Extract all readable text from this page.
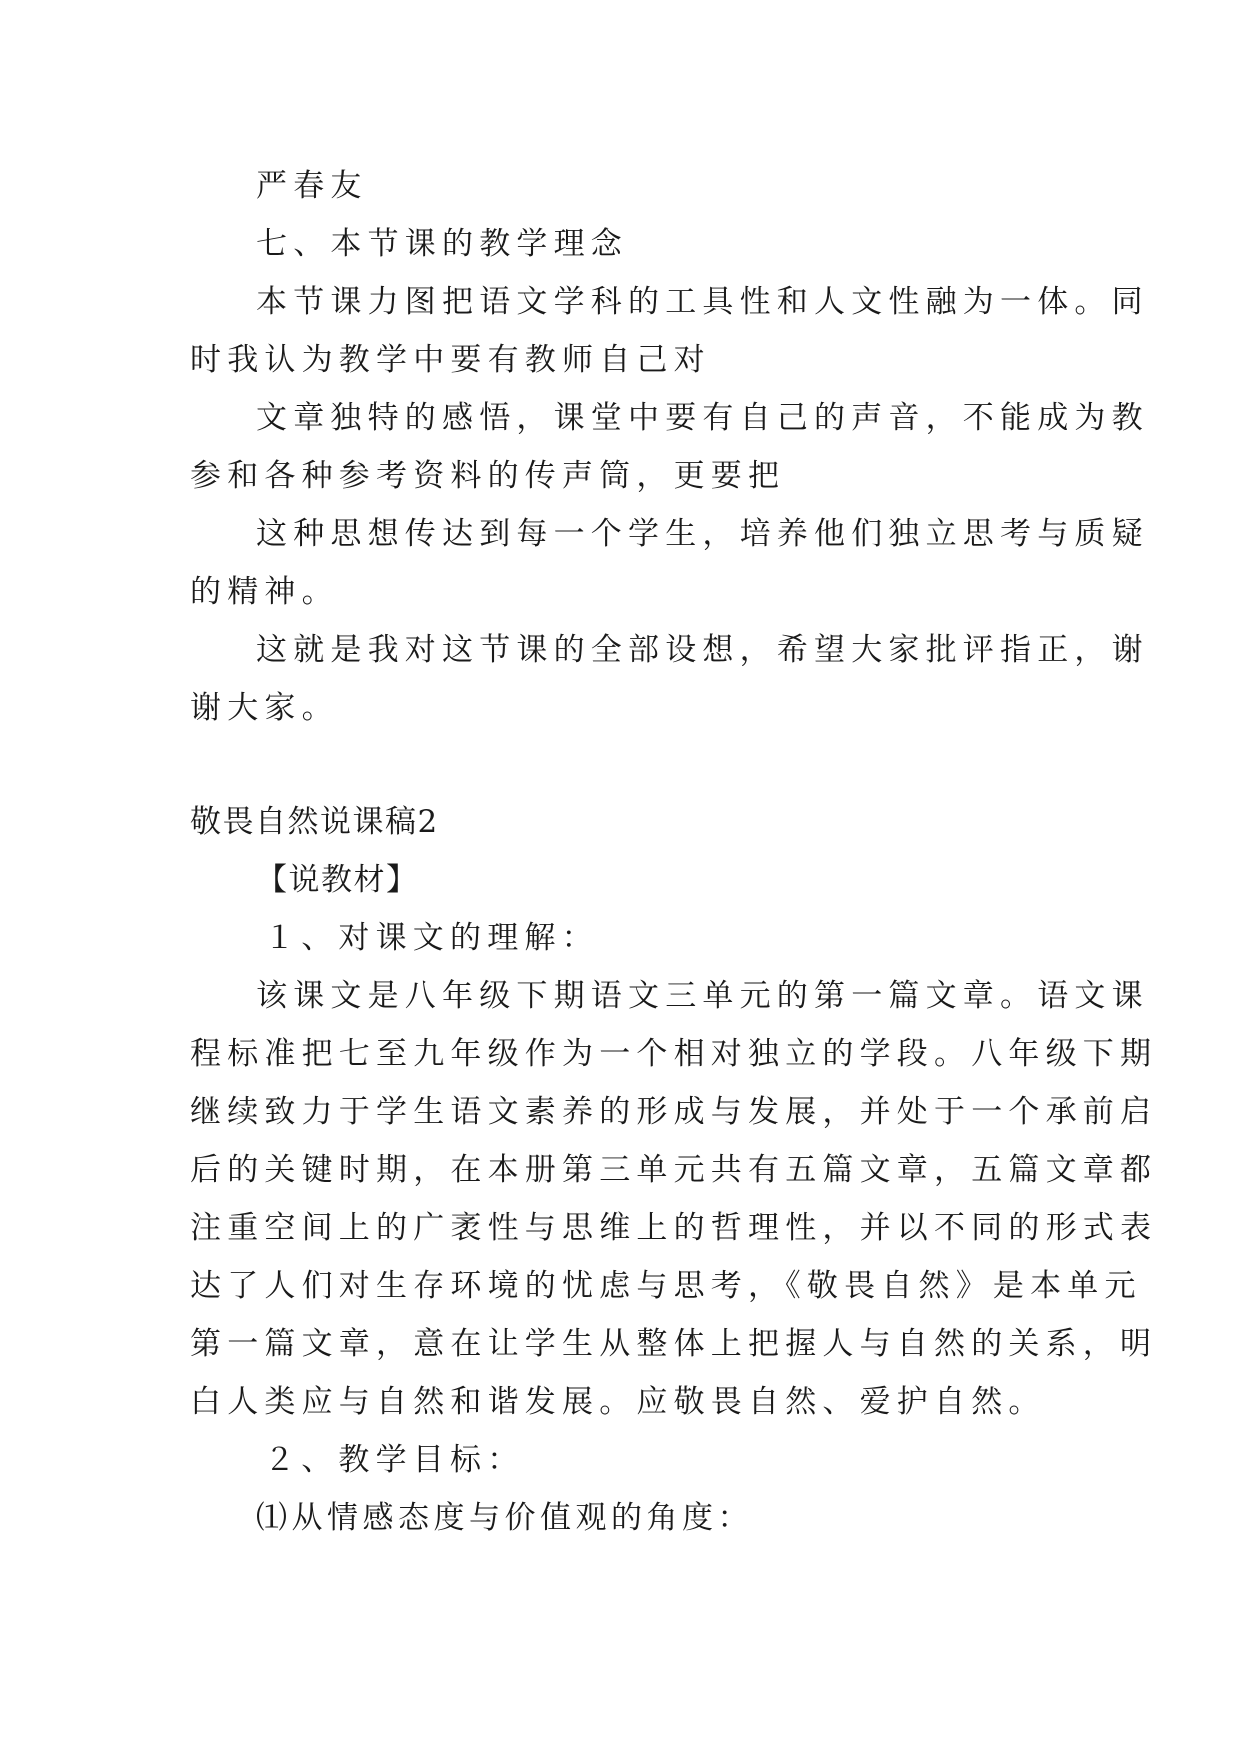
严春友

七、本节课的教学理念

本节课力图把语文学科的工具性和人文性融为一体。同

时我认为教学中要有教师自己对

文章独特的感悟，课堂中要有自己的声音，不能成为教

参和各种参考资料的传声筒，更要把

这种思想传达到每一个学生，培养他们独立思考与质疑

的精神。

这就是我对这节课的全部设想，希望大家批评指正，谢

谢大家。

敬畏自然说课稿2

【说教材】

１、对课文的理解：

该课文是八年级下期语文三单元的第一篇文章。语文课

程标准把七至九年级作为一个相对独立的学段。八年级下期

继续致力于学生语文素养的形成与发展，并处于一个承前启

后的关键时期，在本册第三单元共有五篇文章，五篇文章都

注重空间上的广袤性与思维上的哲理性，并以不同的形式表

达了人们对生存环境的忧虑与思考，《敬畏自然》是本单元

第一篇文章，意在让学生从整体上把握人与自然的关系，明

白人类应与自然和谐发展。应敬畏自然、爱护自然。

２、教学目标：

⑴从情感态度与价值观的角度：
